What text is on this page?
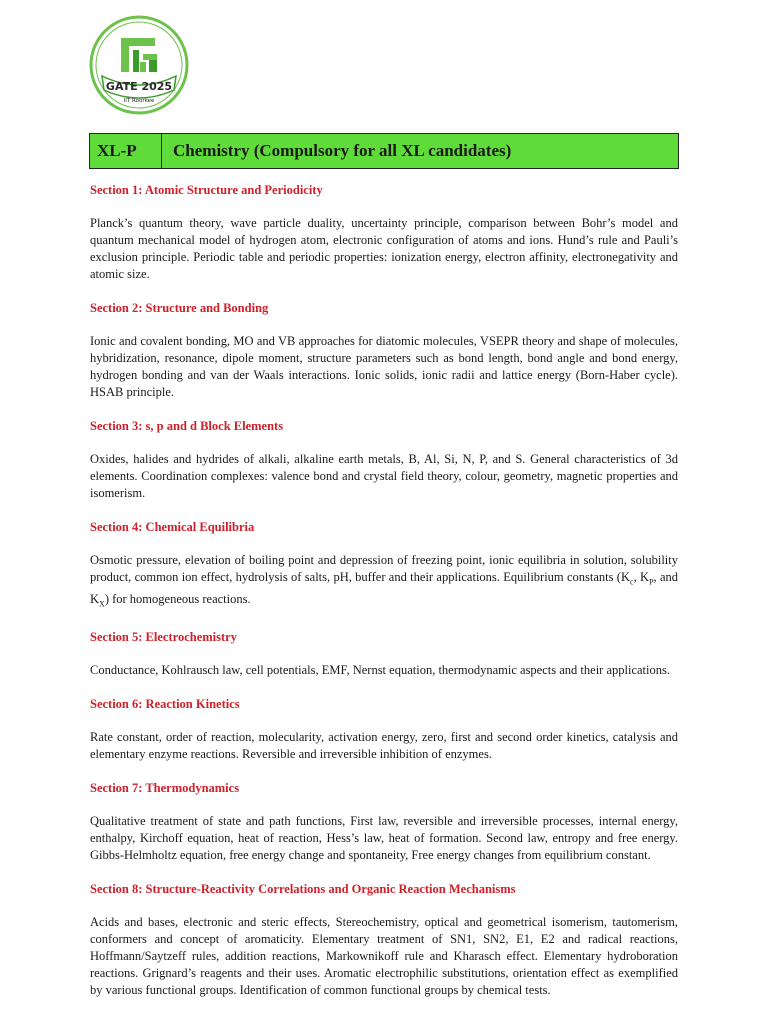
GATE 2025
IIT Roorkee
XL-P	Chemistry (Compulsory for all XL candidates)
Section 1: Atomic Structure and Periodicity
Planck’s quantum theory, wave particle duality, uncertainty principle, comparison between Bohr’s model and quantum mechanical model of hydrogen atom, electronic configuration of atoms and ions. Hund’s rule and Pauli’s exclusion principle. Periodic table and periodic properties: ionization energy, electron affinity, electronegativity and atomic size.
Section 2: Structure and Bonding
Ionic and covalent bonding, MO and VB approaches for diatomic molecules, VSEPR theory and shape of molecules, hybridization, resonance, dipole moment, structure parameters such as bond length, bond angle and bond energy, hydrogen bonding and van der Waals interactions. Ionic solids, ionic radii and lattice energy (Born-Haber cycle). HSAB principle.
Section 3: s, p and d Block Elements
Oxides, halides and hydrides of alkali, alkaline earth metals, B, Al, Si, N, P, and S. General characteristics of 3d elements. Coordination complexes: valence bond and crystal field theory, colour, geometry, magnetic properties and isomerism.
Section 4: Chemical Equilibria
Osmotic pressure, elevation of boiling point and depression of freezing point, ionic equilibria in solution, solubility product, common ion effect, hydrolysis of salts, pH, buffer and their applications. Equilibrium constants ($K_c$, $K_P$, and $K_X$) for homogeneous reactions.
Section 5: Electrochemistry
Conductance, Kohlrausch law, cell potentials, EMF, Nernst equation, thermodynamic aspects and their applications.
Section 6: Reaction Kinetics
Rate constant, order of reaction, molecularity, activation energy, zero, first and second order kinetics, catalysis and elementary enzyme reactions. Reversible and irreversible inhibition of enzymes.
Section 7: Thermodynamics
Qualitative treatment of state and path functions, First law, reversible and irreversible processes, internal energy, enthalpy, Kirchoff equation, heat of reaction, Hess’s law, heat of formation. Second law, entropy and free energy. Gibbs-Helmholtz equation, free energy change and spontaneity, Free energy changes from equilibrium constant.
Section 8: Structure-Reactivity Correlations and Organic Reaction Mechanisms
Acids and bases, electronic and steric effects, Stereochemistry, optical and geometrical isomerism, tautomerism, conformers and concept of aromaticity. Elementary treatment of SN1, SN2, E1, E2 and radical reactions, Hoffmann/Saytzeff rules, addition reactions, Markownikoff rule and Kharasch effect. Elementary hydroboration reactions. Grignard’s reagents and their uses. Aromatic electrophilic substitutions, orientation effect as exemplified by various functional groups. Identification of common functional groups by chemical tests.
